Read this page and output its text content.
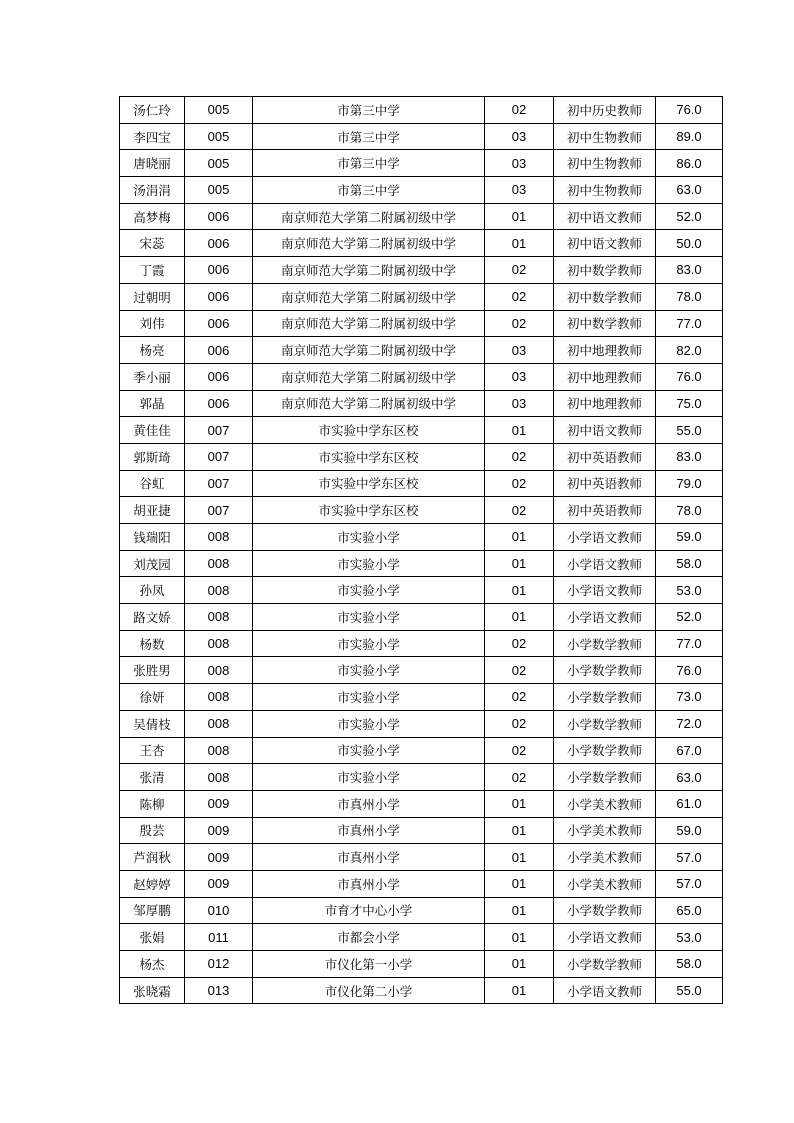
汤仁玲	005	市第三中学	02	初中历史教师	76.0
李四宝	005	市第三中学	03	初中生物教师	89.0
唐晓丽	005	市第三中学	03	初中生物教师	86.0
汤涓涓	005	市第三中学	03	初中生物教师	63.0
高梦梅	006	南京师范大学第二附属初级中学	01	初中语文教师	52.0
宋蕊	006	南京师范大学第二附属初级中学	01	初中语文教师	50.0
丁霞	006	南京师范大学第二附属初级中学	02	初中数学教师	83.0
过朝明	006	南京师范大学第二附属初级中学	02	初中数学教师	78.0
刘伟	006	南京师范大学第二附属初级中学	02	初中数学教师	77.0
杨亮	006	南京师范大学第二附属初级中学	03	初中地理教师	82.0
季小丽	006	南京师范大学第二附属初级中学	03	初中地理教师	76.0
郭晶	006	南京师范大学第二附属初级中学	03	初中地理教师	75.0
黄佳佳	007	市实验中学东区校	01	初中语文教师	55.0
郭斯琦	007	市实验中学东区校	02	初中英语教师	83.0
谷虹	007	市实验中学东区校	02	初中英语教师	79.0
胡亚捷	007	市实验中学东区校	02	初中英语教师	78.0
钱瑞阳	008	市实验小学	01	小学语文教师	59.0
刘茂园	008	市实验小学	01	小学语文教师	58.0
孙凤	008	市实验小学	01	小学语文教师	53.0
路文娇	008	市实验小学	01	小学语文教师	52.0
杨数	008	市实验小学	02	小学数学教师	77.0
张胜男	008	市实验小学	02	小学数学教师	76.0
徐妍	008	市实验小学	02	小学数学教师	73.0
吴倩枝	008	市实验小学	02	小学数学教师	72.0
王杏	008	市实验小学	02	小学数学教师	67.0
张清	008	市实验小学	02	小学数学教师	63.0
陈柳	009	市真州小学	01	小学美术教师	61.0
殷芸	009	市真州小学	01	小学美术教师	59.0
芦润秋	009	市真州小学	01	小学美术教师	57.0
赵婷婷	009	市真州小学	01	小学美术教师	57.0
邹厚鹏	010	市育才中心小学	01	小学数学教师	65.0
张娟	011	市都会小学	01	小学语文教师	53.0
杨杰	012	市仪化第一小学	01	小学数学教师	58.0
张晓霜	013	市仪化第二小学	01	小学语文教师	55.0
